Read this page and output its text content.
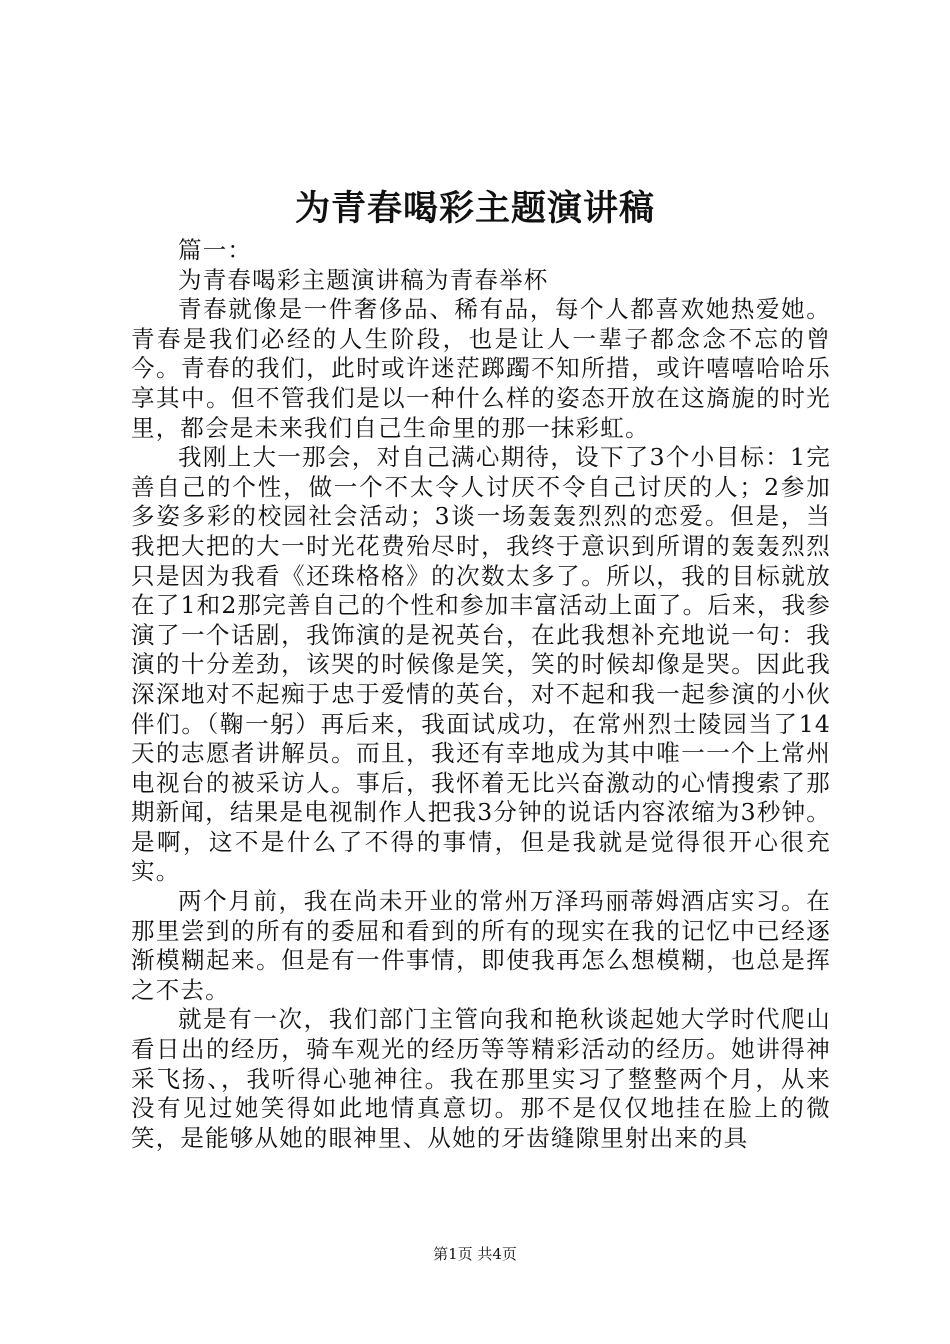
为青春喝彩主题演讲稿

篇一：

为青春喝彩主题演讲稿为青春举杯

青春就像是一件奢侈品、稀有品，每个人都喜欢她热爱她。青春是我们必经的人生阶段，也是让人一辈子都念念不忘的曾今。青春的我们，此时或许迷茫踯躅不知所措，或许嘻嘻哈哈乐享其中。但不管我们是以一种什么样的姿态开放在这旖旎的时光里，都会是未来我们自己生命里的那一抹彩虹。

我刚上大一那会，对自己满心期待，设下了3个小目标：1完善自己的个性，做一个不太令人讨厌不令自己讨厌的人；2参加多姿多彩的校园社会活动；3谈一场轰轰烈烈的恋爱。但是，当我把大把的大一时光花费殆尽时，我终于意识到所谓的轰轰烈烈只是因为我看《还珠格格》的次数太多了。所以，我的目标就放在了1和2那完善自己的个性和参加丰富活动上面了。后来，我参演了一个话剧，我饰演的是祝英台，在此我想补充地说一句：我演的十分差劲，该哭的时候像是笑，笑的时候却像是哭。因此我深深地对不起痴于忠于爱情的英台，对不起和我一起参演的小伙伴们。（鞠一躬）再后来，我面试成功，在常州烈士陵园当了14天的志愿者讲解员。而且，我还有幸地成为其中唯一一个上常州电视台的被采访人。事后，我怀着无比兴奋激动的心情搜索了那期新闻，结果是电视制作人把我3分钟的说话内容浓缩为3秒钟。是啊，这不是什么了不得的事情，但是我就是觉得很开心很充实。

两个月前，我在尚未开业的常州万泽玛丽蒂姆酒店实习。在那里尝到的所有的委屈和看到的所有的现实在我的记忆中已经逐渐模糊起来。但是有一件事情，即使我再怎么想模糊，也总是挥之不去。

就是有一次，我们部门主管向我和艳秋谈起她大学时代爬山看日出的经历，骑车观光的经历等等精彩活动的经历。她讲得神采飞扬、，我听得心驰神往。我在那里实习了整整两个月，从来没有见过她笑得如此地情真意切。那不是仅仅地挂在脸上的微笑，是能够从她的眼神里、从她的牙齿缝隙里射出来的具

第1页 共4页
